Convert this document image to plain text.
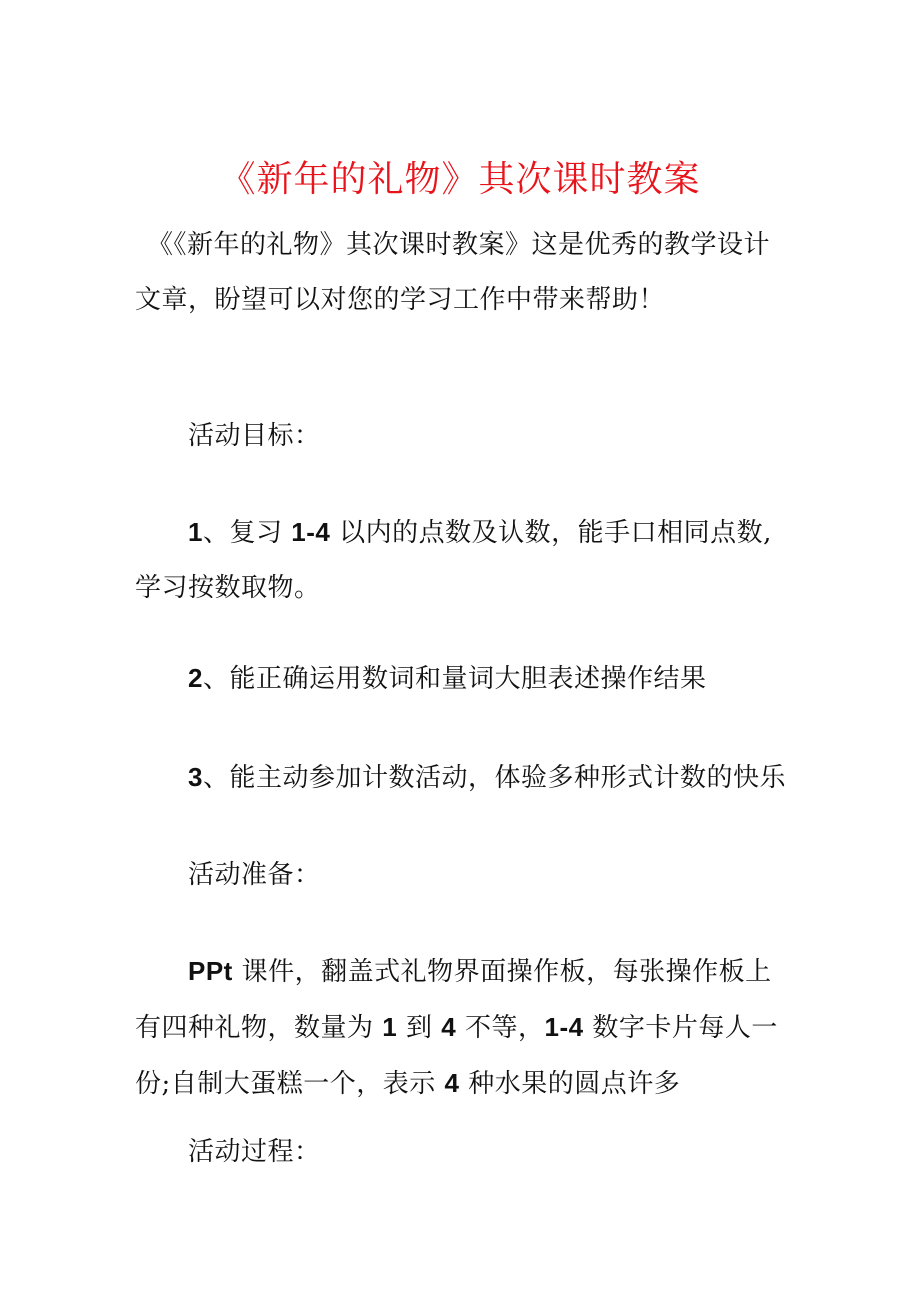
《新年的礼物》其次课时教案

《《新年的礼物》其次课时教案》这是优秀的教学设计文章，盼望可以对您的学习工作中带来帮助！

活动目标：

1、复习 1-4 以内的点数及认数，能手口相同点数,学习按数取物。

2、能正确运用数词和量词大胆表述操作结果

3、能主动参加计数活动，体验多种形式计数的快乐

活动准备：

PPt 课件，翻盖式礼物界面操作板，每张操作板上有四种礼物，数量为 1 到 4 不等，1-4 数字卡片每人一份;自制大蛋糕一个，表示 4 种水果的圆点许多

活动过程：
